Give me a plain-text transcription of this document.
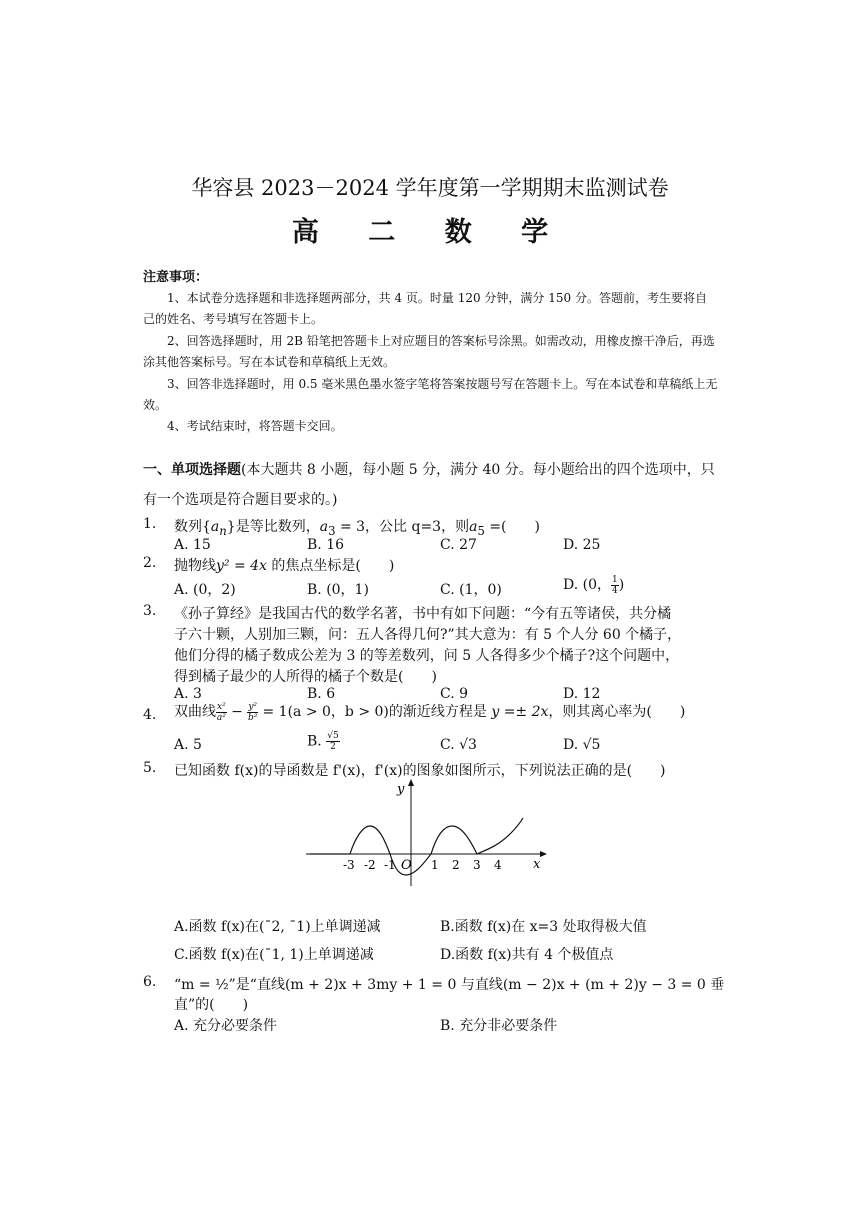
华容县 2023－2024 学年度第一学期期末监测试卷
高 二 数 学
注意事项：
1、本试卷分选择题和非选择题两部分，共 4 页。时量 120 分钟，满分 150 分。答题前，考生要将自己的姓名、考号填写在答题卡上。
2、回答选择题时，用 2B 铅笔把答题卡上对应题目的答案标号涂黑。如需改动，用橡皮擦干净后，再选涂其他答案标号。写在本试卷和草稿纸上无效。
3、回答非选择题时，用 0.5 毫米黑色墨水签字笔将答案按题号写在答题卡上。写在本试卷和草稿纸上无效。
4、考试结束时，将答题卡交回。
一、单项选择题(本大题共 8 小题，每小题 5 分，满分 40 分。每小题给出的四个选项中，只有一个选项是符合题目要求的。)
1. 数列$\{a_n\}$是等比数列，$a_3 = 3$，公比 q=3，则$a_5$ =(　　)
A. 15	B. 16	C. 27	D. 25
2. 抛物线y² = 4x 的焦点坐标是(　　)
A. (0，2)	B. (0，1)	C. (1，0)	D. (0， $\frac{1}{4}$ )
3. 《孙子算经》是我国古代的数学名著，书中有如下问题：“今有五等诸侯，共分橘
子六十颗，人别加三颗，问：五人各得几何?”其大意为：有 5 个人分 60 个橘子，
他们分得的橘子数成公差为 3 的等差数列，问 5 人各得多少个橘子?这个问题中，
得到橘子最少的人所得的橘子个数是(　　)
A. 3	B. 6	C. 9	D. 12
4. 双曲线 $\frac{\text{x²}}{\text{a²}} - \frac{\text{y²}}{\text{b²}} = 1(a > 0$，b > 0)的渐近线方程是 y =± 2x，则其离心率为(　　)
A. 5	B. $\frac{√5}{2}$	C. √3	D. √5
5. 已知函数 f(x)的导函数是 f'(x)，f'(x)的图象如图所示，下列说法正确的是(　　)
y
x
O
-3 -2 -1	1 2 3 4
A.函数 f(x)在(¯2, ¯1)上单调递减	B.函数 f(x)在 x=3 处取得极大值
C.函数 f(x)在(¯1, 1)上单调递减	D.函数 f(x)共有 4 个极值点
6. “m = ½”是“直线(m + 2)x + 3my + 1 = 0 与直线(m − 2)x + (m + 2)y − 3 = 0 垂
直”的(　　)
A. 充分必要条件	B. 充分非必要条件
